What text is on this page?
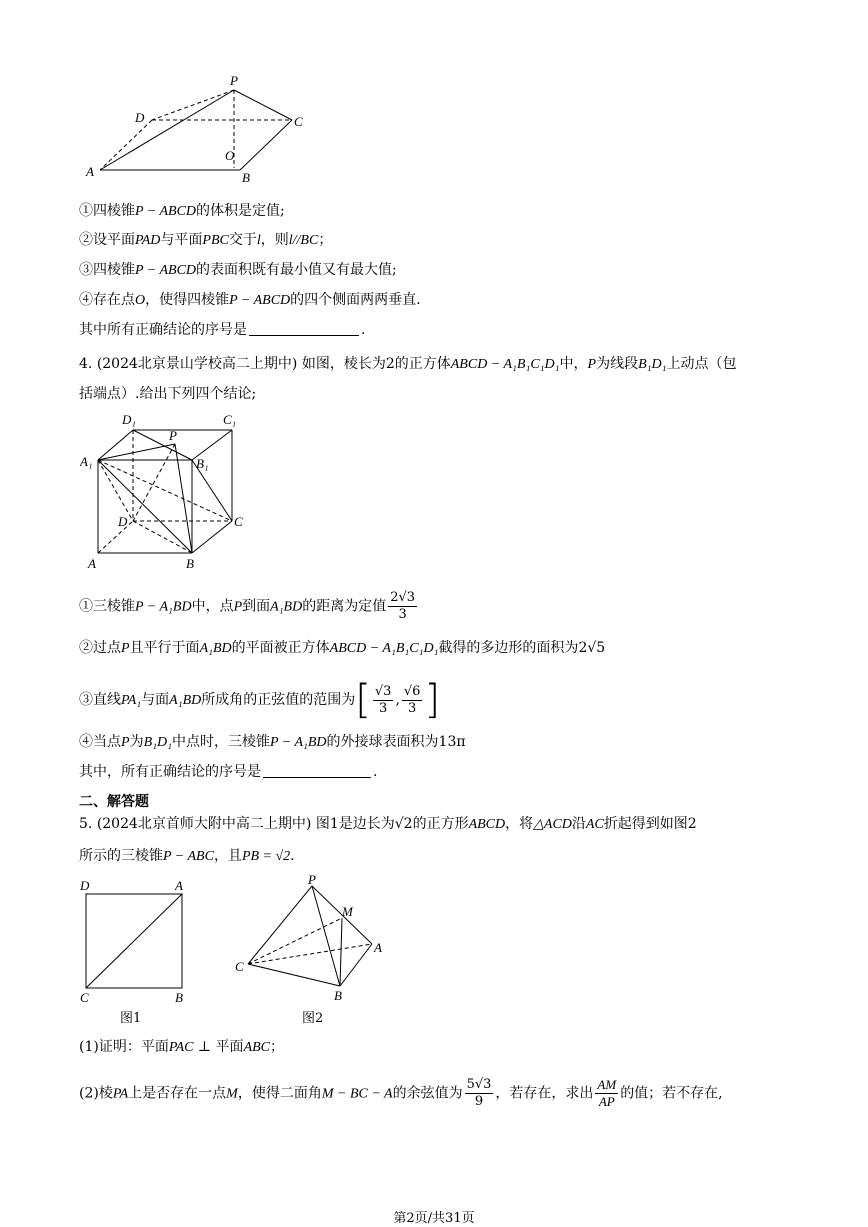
P
D	C
O
A	B
①四棱锥P − ABCD的体积是定值;
②设平面PAD与平面PBC交于l，则l//BC；
③四棱锥P − ABCD的表面积既有最小值又有最大值;
④存在点O，使得四棱锥P − ABCD的四个侧面两两垂直.
其中所有正确结论的序号是	.
4. (2024北京景山学校高二上期中) 如图，棱长为2的正方体ABCD − A₁B₁C₁D₁中，P为线段B₁D₁上动点（包
括端点）.给出下列四个结论;
D₁	C₁
A₁	B₁
P
D	C
A	B
①三棱锥P − A₁BD中，点P到面A₁BD的距离为定值 $\frac{2√3}{3}$
②过点P且平行于面A₁BD的平面被正方体ABCD − A₁B₁C₁D₁截得的多边形的面积为2√5
③直线PA₁与面A₁BD所成角的正弦值的范围为[ $\frac{√3}{3}$ , $\frac{√6}{3}$ ]
④当点P为B₁D₁中点时，三棱锥P − A₁BD的外接球表面积为13π
其中，所有正确结论的序号是	.
二、解答题
5. (2024北京首师大附中高二上期中) 图1是边长为√2的正方形ABCD，将△ACD沿AC折起得到如图2
所示的三棱锥P − ABC，且PB = √2.
D	A
C	B
图1
P
M
A
C
B
图2
(1)证明：平面PAC ⊥ 平面ABC；
(2)棱PA上是否存在一点M，使得二面角M − BC − A的余弦值为 $\frac{5√3}{9}$ ，若存在，求出 $\frac{AM}{AP}$ 的值；若不存在,
第2页/共31页
